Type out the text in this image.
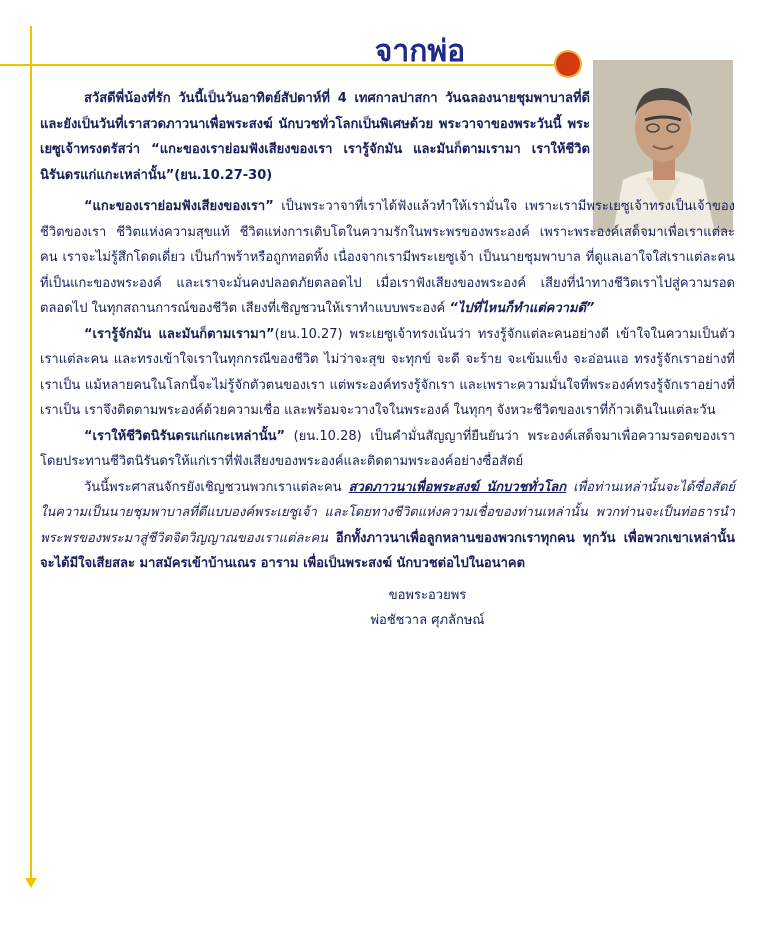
จากพ่อ

สวัสดีพี่น้องที่รัก วันนี้เป็นวันอาทิตย์สัปดาห์ที่ 4 เทศกาลปาสกา วันฉลองนายชุมพาบาลที่ดี และยังเป็นวันที่เราสวดภาวนาเพื่อพระสงฆ์ นักบวชทั่วโลกเป็นพิเศษด้วย พระวาจาของพระวันนี้ พระเยซูเจ้าทรงตรัสว่า “แกะของเราย่อมฟังเสียงของเรา เรารู้จักมัน และมันก็ตามเรามา เราให้ชีวิตนิรันดรแก่แกะเหล่านั้น”(ยน.10.27-30)

“แกะของเราย่อมฟังเสียงของเรา” เป็นพระวาจาที่เราได้ฟังแล้วทำให้เรามั่นใจ เพราะเรามีพระเยซูเจ้าทรงเป็นเจ้าของชีวิตของเรา ชีวิตแห่งความสุขแท้ ชีวิตแห่งการเติบโตในความรักในพระพรของพระองค์ เพราะพระองค์เสด็จมาเพื่อเราแต่ละคน เราจะไม่รู้สึกโดดเดี่ยว เป็นกำพร้าหรือถูกทอดทิ้ง เนื่องจากเรามีพระเยซูเจ้า เป็นนายชุมพาบาล ที่ดูแลเอาใจใส่เราแต่ละคนที่เป็นแกะของพระองค์ และเราจะมั่นคงปลอดภัยตลอดไป เมื่อเราฟังเสียงของพระองค์ เสียงที่นำทางชีวิตเราไปสู่ความรอดตลอดไป ในทุกสถานการณ์ของชีวิต เสียงที่เชิญชวนให้เราทำแบบพระองค์ “ไปที่ไหนก็ทำแต่ความดี”

“เรารู้จักมัน และมันก็ตามเรามา”(ยน.10.27) พระเยซูเจ้าทรงเน้นว่า ทรงรู้จักแต่ละคนอย่างดี เข้าใจในความเป็นตัวเราแต่ละคน และทรงเข้าใจเราในทุกกรณีของชีวิต ไม่ว่าจะสุข จะทุกข์ จะดี จะร้าย จะเข้มแข็ง จะอ่อนแอ ทรงรู้จักเราอย่างที่เราเป็น แม้หลายคนในโลกนี้จะไม่รู้จักตัวตนของเรา แต่พระองค์ทรงรู้จักเรา และเพราะความมั่นใจที่พระองค์ทรงรู้จักเราอย่างที่เราเป็น เราจึงติดตามพระองค์ด้วยความเชื่อ และพร้อมจะวางใจในพระองค์ ในทุกๆ จังหวะชีวิตของเราที่ก้าวเดินในแต่ละวัน

“เราให้ชีวิตนิรันดรแก่แกะเหล่านั้น” (ยน.10.28) เป็นคำมั่นสัญญาที่ยืนยันว่า พระองค์เสด็จมาเพื่อความรอดของเรา โดยประทานชีวิตนิรันดรให้แก่เราที่ฟังเสียงของพระองค์และติดตามพระองค์อย่างซื่อสัตย์

วันนี้พระศาสนจักรยังเชิญชวนพวกเราแต่ละคน สวดภาวนาเพื่อพระสงฆ์ นักบวชทั่วโลก เพื่อท่านเหล่านั้นจะได้ซื่อสัตย์ในความเป็นนายชุมพาบาลที่ดีแบบองค์พระเยซูเจ้า และโดยทางชีวิตแห่งความเชื่อของท่านเหล่านั้น พวกท่านจะเป็นท่อธารนำพระพรของพระมาสู่ชีวิตจิตวิญญาณของเราแต่ละคน อีกทั้งภาวนาเพื่อลูกหลานของพวกเราทุกคน ทุกวัน เพื่อพวกเขาเหล่านั้นจะได้มีใจเสียสละ มาสมัครเข้าบ้านเณร อาราม เพื่อเป็นพระสงฆ์ นักบวชต่อไปในอนาคต

ขอพระอวยพร

พ่อชัชวาล ศุภลักษณ์
